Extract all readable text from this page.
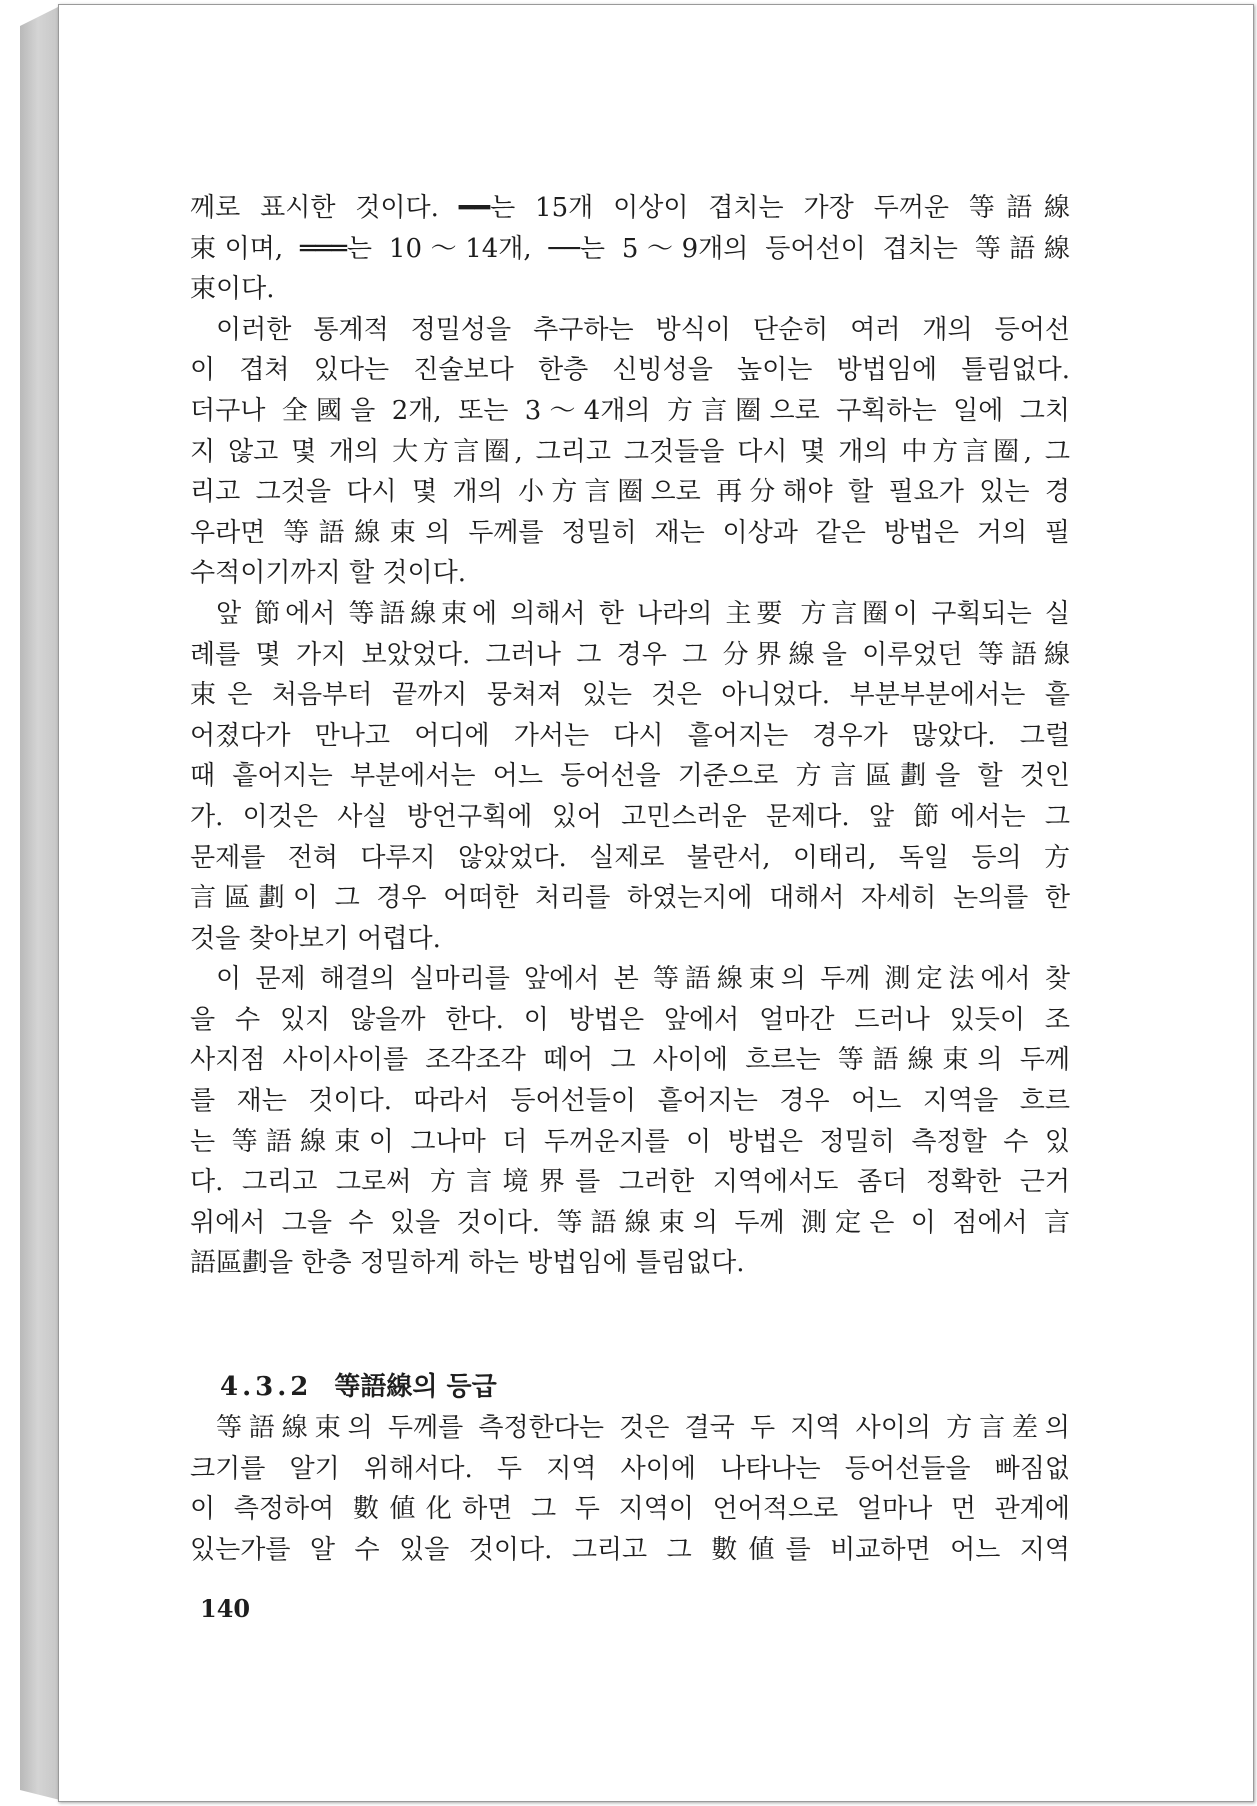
께로 표시한 것이다. ━━는 15개 이상이 겹치는 가장 두꺼운 等語線
束이며, ═══는 10～14개, ──는 5～9개의 등어선이 겹치는 等語線
束이다.
이러한 통계적 정밀성을 추구하는 방식이 단순히 여러 개의 등어선
이 겹쳐 있다는 진술보다 한층 신빙성을 높이는 방법임에 틀림없다.
더구나 全國을 2개, 또는 3～4개의 方言圈으로 구획하는 일에 그치
지 않고 몇 개의 大方言圈, 그리고 그것들을 다시 몇 개의 中方言圈, 그
리고 그것을 다시 몇 개의 小方言圈으로 再分해야 할 필요가 있는 경
우라면 等語線束의 두께를 정밀히 재는 이상과 같은 방법은 거의 필
수적이기까지 할 것이다.
앞 節에서 等語線束에 의해서 한 나라의 主要 方言圈이 구획되는 실
례를 몇 가지 보았었다. 그러나 그 경우 그 分界線을 이루었던 等語線
束은 처음부터 끝까지 뭉쳐져 있는 것은 아니었다. 부분부분에서는 흩
어졌다가 만나고 어디에 가서는 다시 흩어지는 경우가 많았다. 그럴
때 흩어지는 부분에서는 어느 등어선을 기준으로 方言區劃을 할 것인
가. 이것은 사실 방언구획에 있어 고민스러운 문제다. 앞 節에서는 그
문제를 전혀 다루지 않았었다. 실제로 불란서, 이태리, 독일 등의 方
言區劃이 그 경우 어떠한 처리를 하였는지에 대해서 자세히 논의를 한
것을 찾아보기 어렵다.
이 문제 해결의 실마리를 앞에서 본 等語線束의 두께 測定法에서 찾
을 수 있지 않을까 한다. 이 방법은 앞에서 얼마간 드러나 있듯이 조
사지점 사이사이를 조각조각 떼어 그 사이에 흐르는 等語線束의 두께
를 재는 것이다. 따라서 등어선들이 흩어지는 경우 어느 지역을 흐르
는 等語線束이 그나마 더 두꺼운지를 이 방법은 정밀히 측정할 수 있
다. 그리고 그로써 方言境界를 그러한 지역에서도 좀더 정확한 근거
위에서 그을 수 있을 것이다. 等語線束의 두께 測定은 이 점에서 言
語區劃을 한층 정밀하게 하는 방법임에 틀림없다.
4.3.2 等語線의 등급
等語線束의 두께를 측정한다는 것은 결국 두 지역 사이의 方言差의
크기를 알기 위해서다. 두 지역 사이에 나타나는 등어선들을 빠짐없
이 측정하여 數値化하면 그 두 지역이 언어적으로 얼마나 먼 관계에
있는가를 알 수 있을 것이다. 그리고 그 數値를 비교하면 어느 지역
140
